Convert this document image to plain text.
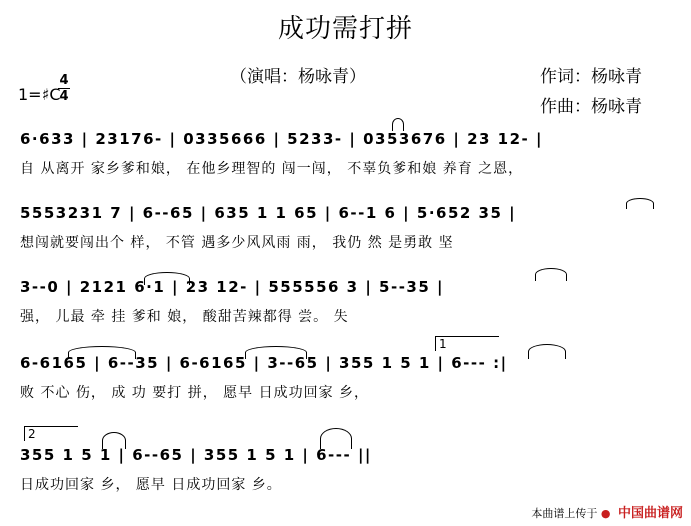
成功需打拼
（演唱：杨咏青）	作词：杨咏青
作曲：杨咏青
1=♯C
4
4
6·633 | 23176- | 0335666 | 5233- | 0353676 | 23 12- |
自 从离开 家乡爹和娘， 在他乡理智的 闯一闯， 不辜负爹和娘 养育 之恩，
5553231 7 | 6--65 | 635 1 1 65 | 6--1 6 | 5·652 35 |
想闯就要闯出个 样， 不管 遇多少风风雨 雨， 我仍 然 是勇敢 坚
3--0 | 2121 6·1 | 23 12- | 555556 3 | 5--35 |
强， 儿最 牵 挂 爹和 娘， 酸甜苦辣都得 尝。 失
6-6165 | 6--35 | 6-6165 | 3--65 | 355 1 5 1 | 6--- :|
败 不心 伤， 成 功 要打 拼， 愿早 日成功回家 乡，
1
355 1 5 1 | 6--65 | 355 1 5 1 | 6--- ||
日成功回家 乡， 愿早 日成功回家 乡。
2
本曲谱上传于 ● 中国曲谱网
